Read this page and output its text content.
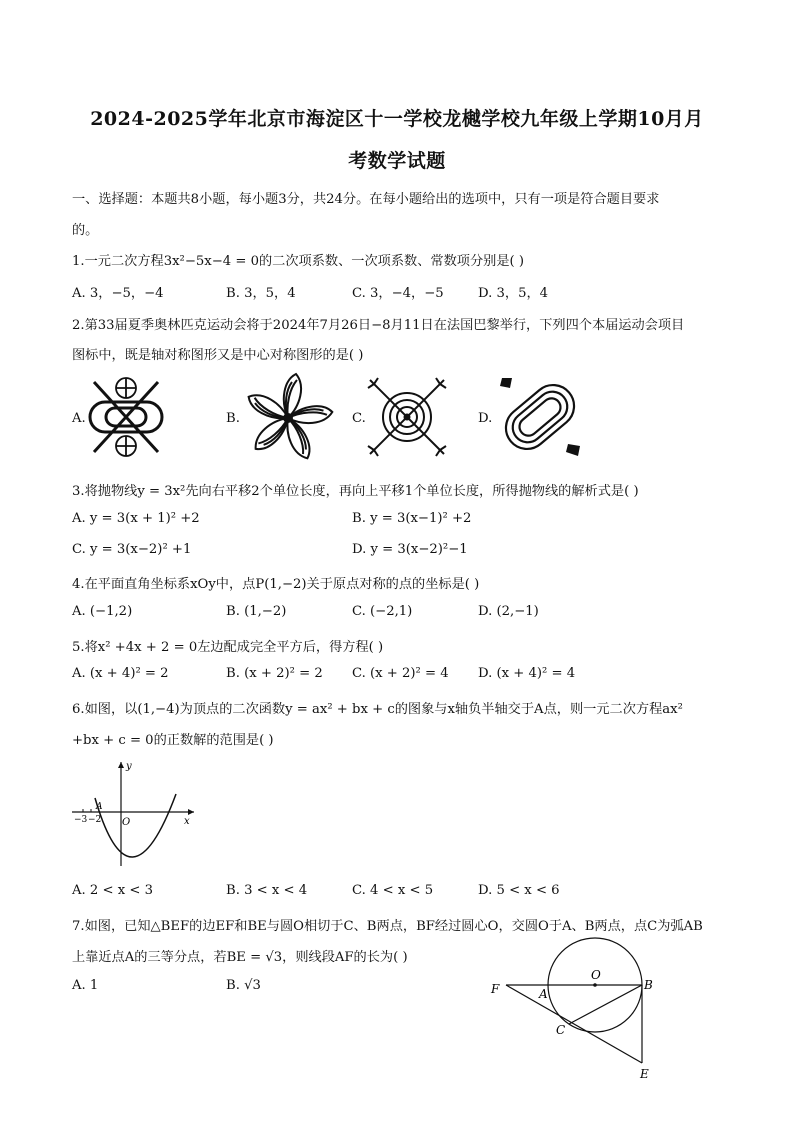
2024-2025学年北京市海淀区十一学校龙樾学校九年级上学期10月月
考数学试题
一、选择题：本题共8小题，每小题3分，共24分。在每小题给出的选项中，只有一项是符合题目要求
的。
1.一元二次方程3x²−5x−4 = 0的二次项系数、一次项系数、常数项分别是( )
A. 3，−5，−4	B. 3，5，4	C. 3，−4，−5	D. 3，5，4
2.第33届夏季奥林匹克运动会将于2024年7月26日−8月11日在法国巴黎举行，下列四个本届运动会项目
图标中，既是轴对称图形又是中心对称图形的是( )
A.	B.	C.	D.
3.将抛物线y = 3x²先向右平移2个单位长度，再向上平移1个单位长度，所得抛物线的解析式是( )
A. y = 3(x + 1)² +2	B. y = 3(x−1)² +2
C. y = 3(x−2)² +1	D. y = 3(x−2)²−1
4.在平面直角坐标系xOy中，点P(1,−2)关于原点对称的点的坐标是( )
A. (−1,2)	B. (1,−2)	C. (−2,1)	D. (2,−1)
5.将x² +4x + 2 = 0左边配成完全平方后，得方程( )
A. (x + 4)² = 2	B. (x + 2)² = 2 C. (x + 2)² = 4 D. (x + 4)² = 4
6.如图，以(1,−4)为顶点的二次函数y = ax² + bx + c的图象与x轴负半轴交于A点，则一元二次方程ax²
+bx + c = 0的正数解的范围是( )
y
x
O
A
−3 −2
A. 2 < x < 3	B. 3 < x < 4	C. 4 < x < 5	D. 5 < x < 6
7.如图，已知△BEF的边EF和BE与圆O相切于C、B两点，BF经过圆心O，交圆O于A、B两点，点C为弧AB
上靠近点A的三等分点，若BE = √3，则线段AF的长为( )
A. 1	B. √3	F	A
O
B
C
E
